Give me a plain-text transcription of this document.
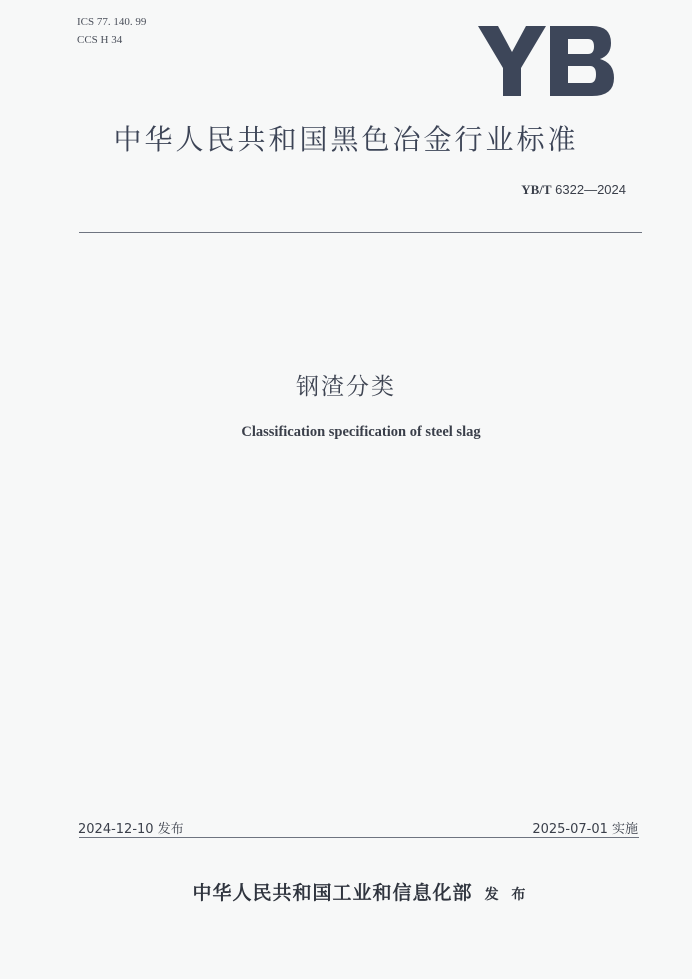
ICS 77. 140. 99
CCS H 34
中华人民共和国黑色冶金行业标准
YB/T 6322—2024
钢渣分类
Classification specification of steel slag
2024-12-10 发布	2025-07-01 实施
中华人民共和国工业和信息化部 发 布
